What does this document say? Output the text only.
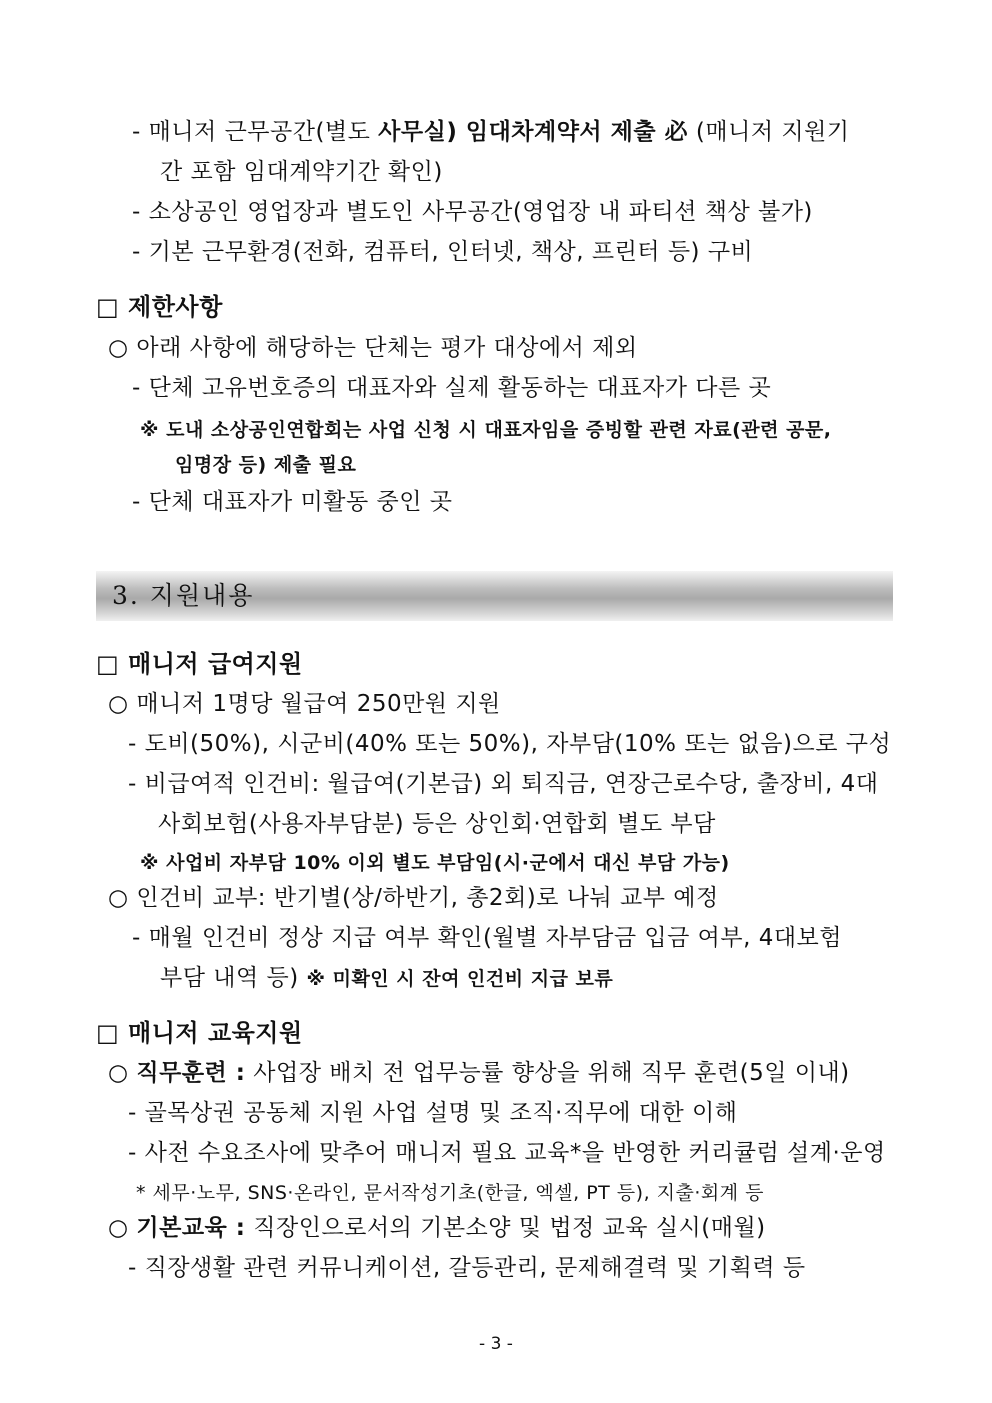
- 매니저 근무공간(별도 사무실) 임대차계약서 제출 必 (매니저 지원기
간 포함 임대계약기간 확인)
- 소상공인 영업장과 별도인 사무공간(영업장 내 파티션 책상 불가)
- 기본 근무환경(전화, 컴퓨터, 인터넷, 책상, 프린터 등) 구비
□ 제한사항
○ 아래 사항에 해당하는 단체는 평가 대상에서 제외
- 단체 고유번호증의 대표자와 실제 활동하는 대표자가 다른 곳
※ 도내 소상공인연합회는 사업 신청 시 대표자임을 증빙할 관련 자료(관련 공문,
임명장 등) 제출 필요
- 단체 대표자가 미활동 중인 곳
3. 지원내용
□ 매니저 급여지원
○ 매니저 1명당 월급여 250만원 지원
- 도비(50%), 시군비(40% 또는 50%), 자부담(10% 또는 없음)으로 구성
- 비급여적 인건비: 월급여(기본급) 외 퇴직금, 연장근로수당, 출장비, 4대
사회보험(사용자부담분) 등은 상인회·연합회 별도 부담
※ 사업비 자부담 10% 이외 별도 부담임(시·군에서 대신 부담 가능)
○ 인건비 교부: 반기별(상/하반기, 총2회)로 나눠 교부 예정
- 매월 인건비 정상 지급 여부 확인(월별 자부담금 입금 여부, 4대보험
부담 내역 등) ※ 미확인 시 잔여 인건비 지급 보류
□ 매니저 교육지원
○ 직무훈련 : 사업장 배치 전 업무능률 향상을 위해 직무 훈련(5일 이내)
- 골목상권 공동체 지원 사업 설명 및 조직·직무에 대한 이해
- 사전 수요조사에 맞추어 매니저 필요 교육*을 반영한 커리큘럼 설계·운영
* 세무·노무, SNS·온라인, 문서작성기초(한글, 엑셀, PT 등), 지출·회계 등
○ 기본교육 : 직장인으로서의 기본소양 및 법정 교육 실시(매월)
- 직장생활 관련 커뮤니케이션, 갈등관리, 문제해결력 및 기획력 등
- 3 -
